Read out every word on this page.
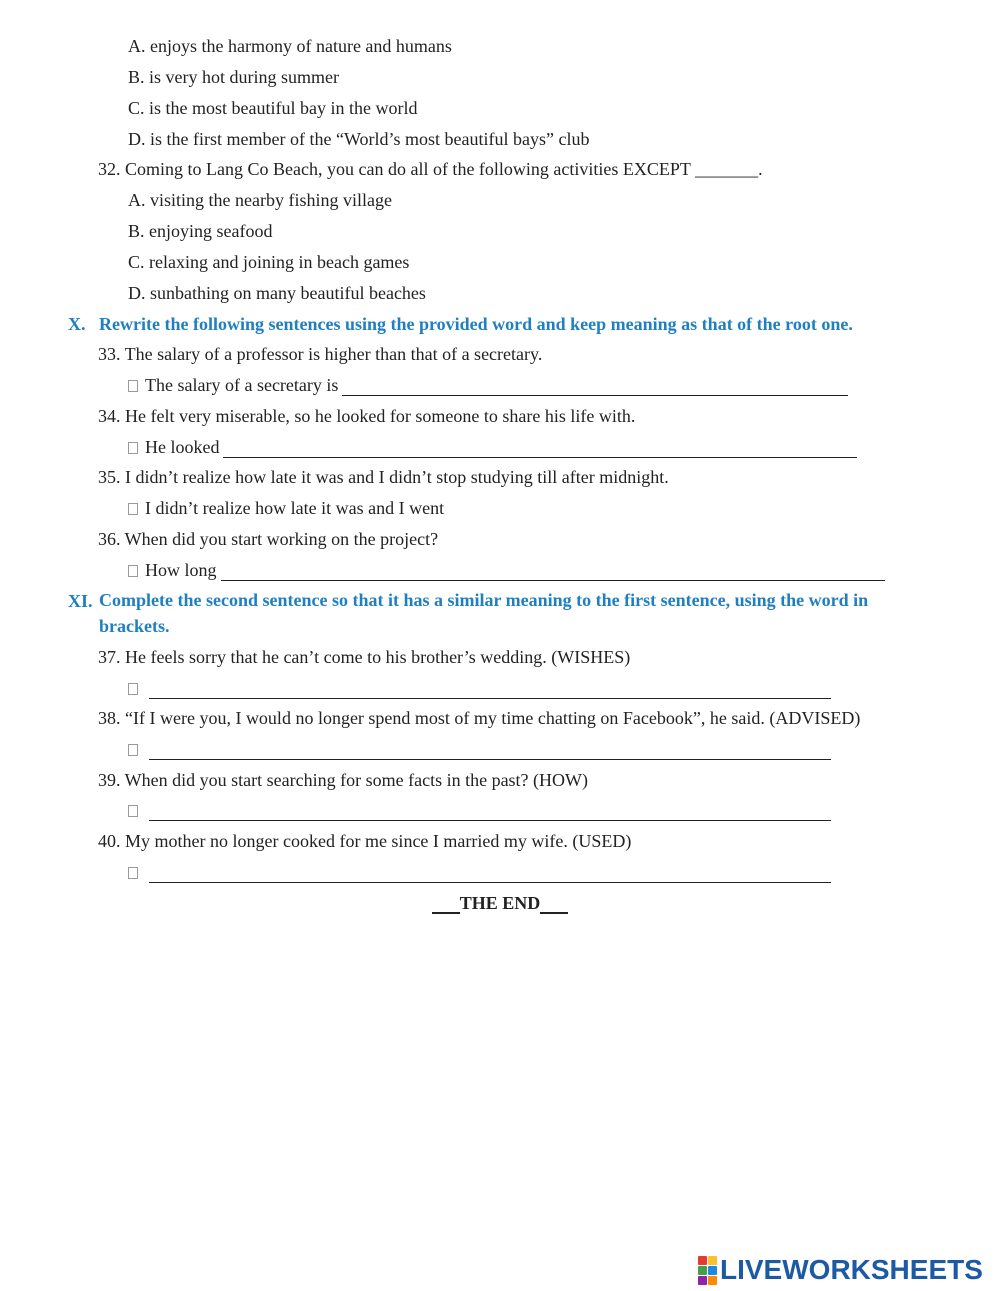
A. enjoys the harmony of nature and humans
B. is very hot during summer
C. is the most beautiful bay in the world
D. is the first member of the “World’s most beautiful bays” club
32. Coming to Lang Co Beach, you can do all of the following activities EXCEPT _______.
A. visiting the nearby fishing village
B. enjoying seafood
C. relaxing and joining in beach games
D. sunbathing on many beautiful beaches
X. Rewrite the following sentences using the provided word and keep meaning as that of the root one.
33. The salary of a professor is higher than that of a secretary.
The salary of a secretary is
34. He felt very miserable, so he looked for someone to share his life with.
He looked
35. I didn’t realize how late it was and I didn’t stop studying till after midnight.
I didn’t realize how late it was and I went
36. When did you start working on the project?
How long
XI. Complete the second sentence so that it has a similar meaning to the first sentence, using the word in
brackets.
37. He feels sorry that he can’t come to his brother’s wedding. (WISHES)
38. “If I were you, I would no longer spend most of my time chatting on Facebook”, he said. (ADVISED)
39. When did you start searching for some facts in the past? (HOW)
40. My mother no longer cooked for me since I married my wife. (USED)
THE END
LIVEWORKSHEETS
